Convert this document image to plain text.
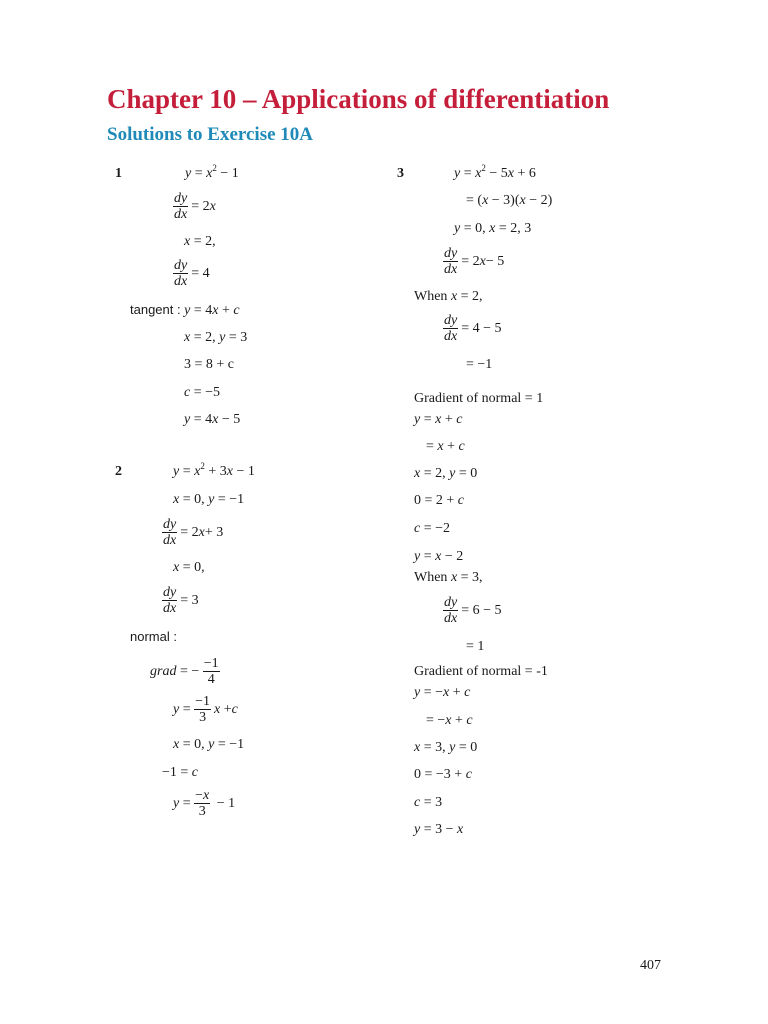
Chapter 10 – Applications of differentiation
Solutions to Exercise 10A
1	$y = x^2 - 1$
dy
dx
= 2 x
x = 2,
dy
dx
= 4
tangent : y = 4x + c
x = 2, y = 3
3 = 8 + c
c = −5
y = 4x − 5
2	$y = x^2 + 3x - 1$
x = 0, y = −1
dy
dx
= 2 x + 3
x = 0,
dy
dx
= 3
normal :
grad = − −1
4
y = −1
3
x + c
x = 0, y = −1
−1 = c
y = −x
3
− 1
3	$y = x^2 - 5x + 6$
= (x − 3)(x − 2)
y = 0, x = 2, 3
dy
dx
= 2 x − 5
When x = 2,
dy
dx
= 4 − 5
= −1
Gradient of normal = 1
y = x + c
= x + c
x = 2, y = 0
0 = 2 + c
c = −2
y = x − 2
When x = 3,
dy
dx
= 6 − 5
= 1
Gradient of normal = -1
y = −x + c
= −x + c
x = 3, y = 0
0 = −3 + c
c = 3
y = 3 − x
407
